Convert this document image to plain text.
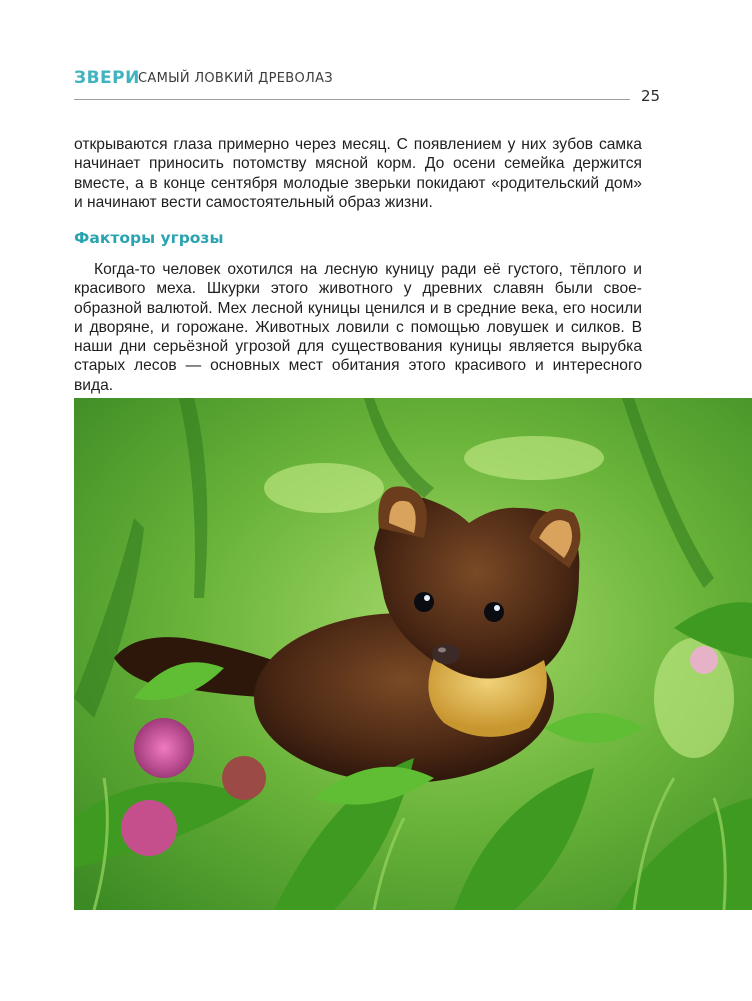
ЗВЕРИ
САМЫЙ ЛОВКИЙ ДРЕВОЛАЗ
25

открываются глаза примерно через месяц. С появлением у них зубов самка начинает приносить потомству мясной корм. До осени семейка держится вместе, а в конце сентября молодые зверьки покидают «родительский дом» и начинают вести самостоятельный образ жизни.

Факторы угрозы

Когда-то человек охотился на лесную куницу ради её густого, тёплого и красивого меха. Шкурки этого животного у древних славян были своеобразной валютой. Мех лесной куницы ценился и в средние века, его носили и дворяне, и горожане. Животных ловили с помощью ловушек и силков. В наши дни серьёзной угрозой для существования куницы является вырубка старых лесов — основных мест обитания этого красивого и интересного вида.
